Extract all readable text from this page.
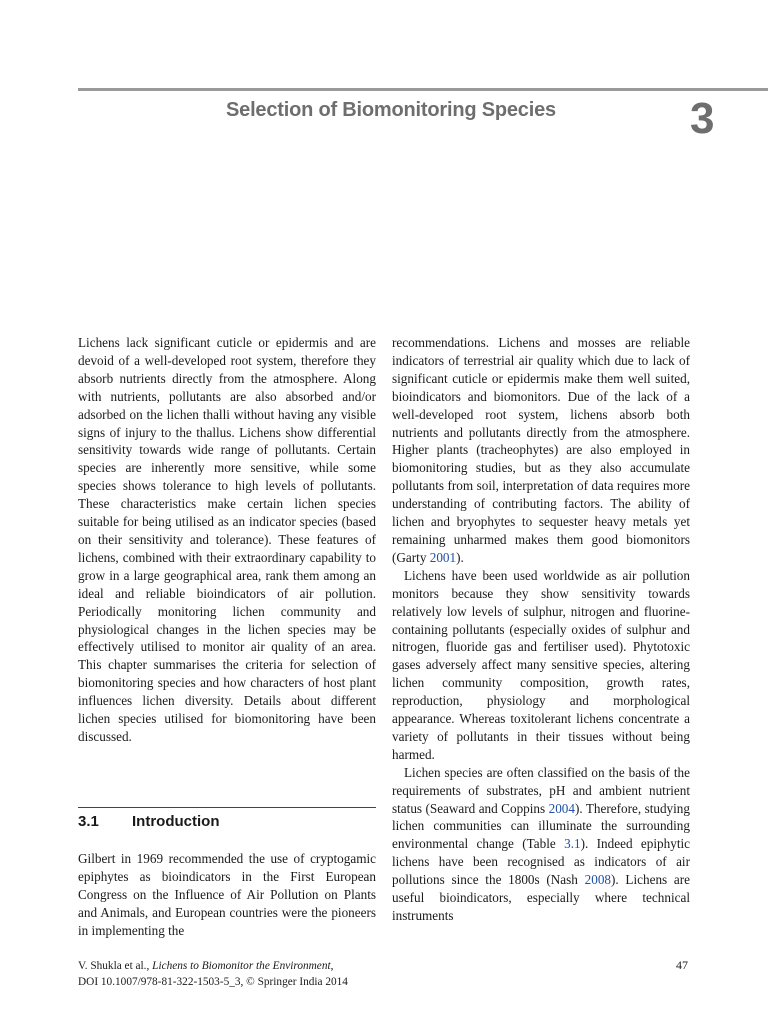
Selection of Biomonitoring Species	3

Lichens lack significant cuticle or epidermis and are devoid of a well-developed root system, therefore they absorb nutrients directly from the atmosphere. Along with nutrients, pollutants are also absorbed and/or adsorbed on the lichen thalli without having any visible signs of injury to the thallus. Lichens show differential sensitivity towards wide range of pollutants. Certain species are inherently more sensitive, while some species shows tolerance to high levels of pollutants. These characteristics make certain lichen species suitable for being utilised as an indicator species (based on their sensitivity and tolerance). These features of lichens, combined with their extraordinary capability to grow in a large geographical area, rank them among an ideal and reliable bioindicators of air pollution. Periodically monitoring lichen community and physiological changes in the lichen species may be effectively utilised to monitor air quality of an area. This chapter summarises the criteria for selection of biomonitoring species and how characters of host plant influences lichen diversity. Details about different lichen species utilised for biomonitoring have been discussed.

3.1 Introduction

Gilbert in 1969 recommended the use of cryptogamic epiphytes as bioindicators in the First European Congress on the Influence of Air Pollution on Plants and Animals, and European countries were the pioneers in implementing the

recommendations. Lichens and mosses are reliable indicators of terrestrial air quality which due to lack of significant cuticle or epidermis make them well suited, bioindicators and biomonitors. Due of the lack of a well-developed root system, lichens absorb both nutrients and pollutants directly from the atmosphere. Higher plants (tracheophytes) are also employed in biomonitoring studies, but as they also accumulate pollutants from soil, interpretation of data requires more understanding of contributing factors. The ability of lichen and bryophytes to sequester heavy metals yet remaining unharmed makes them good biomonitors (Garty 2001).

Lichens have been used worldwide as air pollution monitors because they show sensitivity towards relatively low levels of sulphur, nitrogen and fluorine-containing pollutants (especially oxides of sulphur and nitrogen, fluoride gas and fertiliser used). Phytotoxic gases adversely affect many sensitive species, altering lichen community composition, growth rates, reproduction, physiology and morphological appearance. Whereas toxitolerant lichens concentrate a variety of pollutants in their tissues without being harmed.

Lichen species are often classified on the basis of the requirements of substrates, pH and ambient nutrient status (Seaward and Coppins 2004). Therefore, studying lichen communities can illuminate the surrounding environmental change (Table 3.1). Indeed epiphytic lichens have been recognised as indicators of air pollutions since the 1800s (Nash 2008). Lichens are useful bioindicators, especially where technical instruments

V. Shukla et al., Lichens to Biomonitor the Environment,
DOI 10.1007/978-81-322-1503-5_3, © Springer India 2014
47
